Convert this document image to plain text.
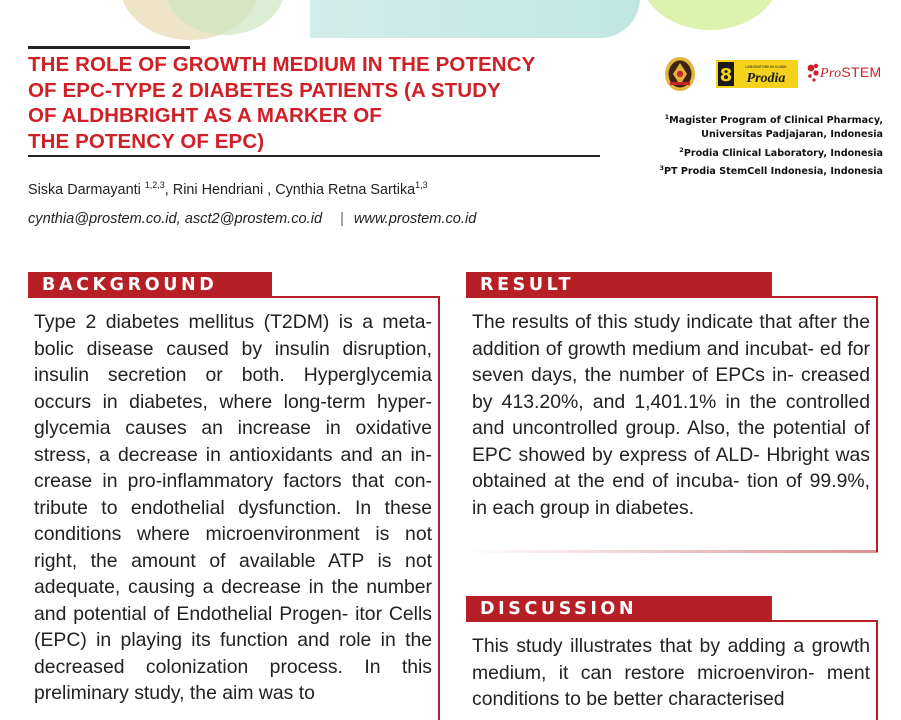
THE ROLE OF GROWTH MEDIUM IN THE POTENCY
OF EPC-TYPE 2 DIABETES PATIENTS (A STUDY
OF ALDHBRIGHT AS A MARKER OF
THE POTENCY OF EPC)
8	LABORATORIUM KLINIK
Prodia ProSTEM
$^1$Magister Program of Clinical Pharmacy,
Universitas Padjajaran, Indonesia
$^2$Prodia Clinical Laboratory, Indonesia
$^3$PT Prodia StemCell Indonesia, Indonesia
Siska Darmayanti $^{1,2,3}$, Rini Hendriani , Cynthia Retna Sartika$^{1,3}$
cynthia@prostem.co.id, asct2@prostem.co.id | www.prostem.co.id
BACKGROUND

Type 2 diabetes mellitus (T2DM) is a meta- bolic disease caused by insulin disruption, insulin secretion or both. Hyperglycemia occurs in diabetes, where long-term hyper- glycemia causes an increase in oxidative stress, a decrease in antioxidants and an in- crease in pro-inflammatory factors that con- tribute to endothelial dysfunction. In these conditions where microenvironment is not right, the amount of available ATP is not adequate, causing a decrease in the number and potential of Endothelial Progen- itor Cells (EPC) in playing its function and role in the decreased colonization process. In this preliminary study, the aim was to

RESULT

The results of this study indicate that after the addition of growth medium and incubat- ed for seven days, the number of EPCs in- creased by 413.20%, and 1,401.1% in the controlled and uncontrolled group. Also, the potential of EPC showed by express of ALD- Hbright was obtained at the end of incuba- tion of 99.9%, in each group in diabetes.

DISCUSSION

This study illustrates that by adding a growth medium, it can restore microenviron- ment conditions to be better characterised
